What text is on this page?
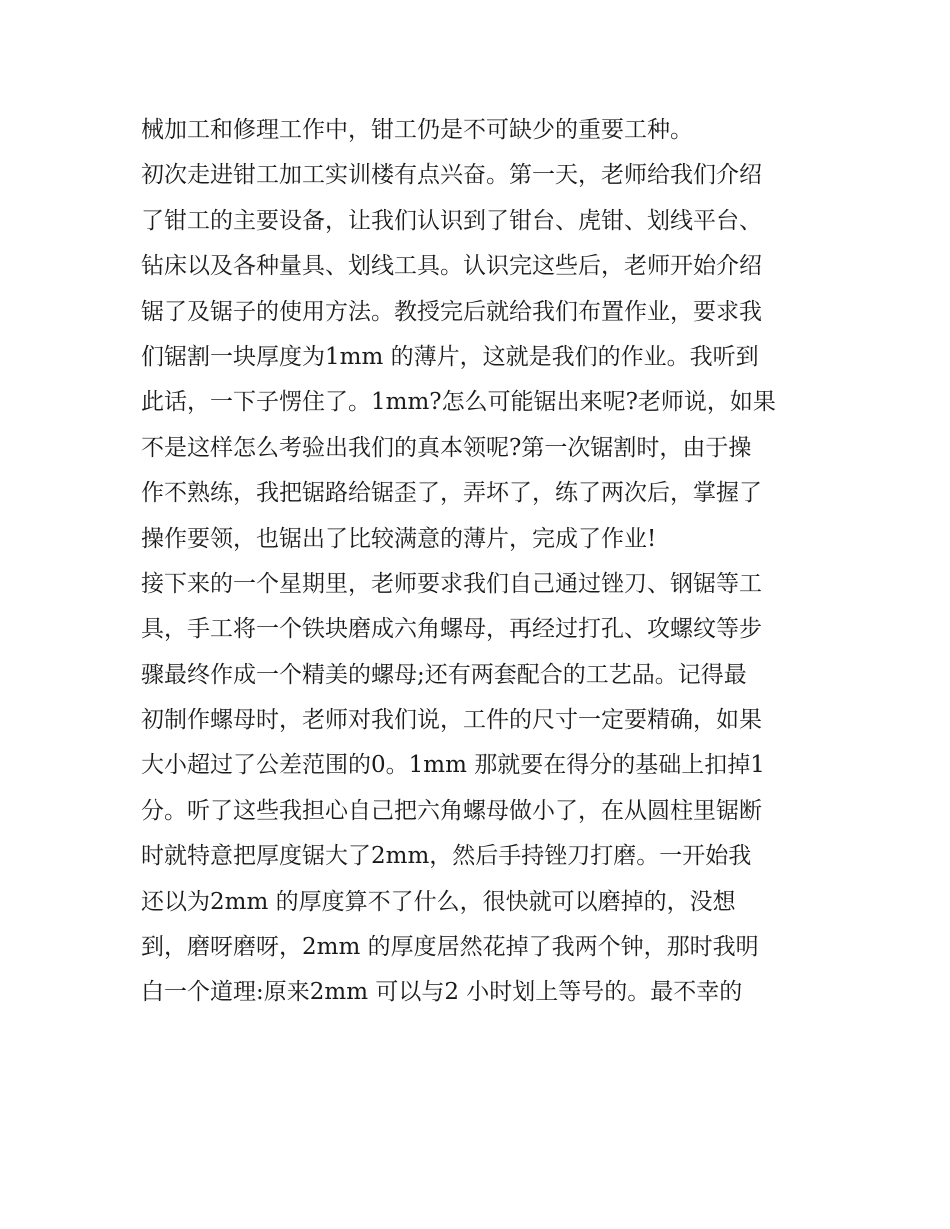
械加工和修理工作中，钳工仍是不可缺少的重要工种。
初次走进钳工加工实训楼有点兴奋。第一天，老师给我们介绍
了钳工的主要设备，让我们认识到了钳台、虎钳、划线平台、
钻床以及各种量具、划线工具。认识完这些后，老师开始介绍
锯了及锯子的使用方法。教授完后就给我们布置作业，要求我
们锯割一块厚度为1mm 的薄片，这就是我们的作业。我听到
此话，一下子愣住了。1mm?怎么可能锯出来呢?老师说，如果
不是这样怎么考验出我们的真本领呢?第一次锯割时，由于操
作不熟练，我把锯路给锯歪了，弄坏了，练了两次后，掌握了
操作要领，也锯出了比较满意的薄片，完成了作业!
接下来的一个星期里，老师要求我们自己通过锉刀、钢锯等工
具，手工将一个铁块磨成六角螺母，再经过打孔、攻螺纹等步
骤最终作成一个精美的螺母;还有两套配合的工艺品。记得最
初制作螺母时，老师对我们说，工件的尺寸一定要精确，如果
大小超过了公差范围的0。1mm 那就要在得分的基础上扣掉1
分。听了这些我担心自己把六角螺母做小了，在从圆柱里锯断
时就特意把厚度锯大了2mm，然后手持锉刀打磨。一开始我
还以为2mm 的厚度算不了什么，很快就可以磨掉的，没想
到，磨呀磨呀，2mm 的厚度居然花掉了我两个钟，那时我明
白一个道理:原来2mm 可以与2 小时划上等号的。最不幸的
